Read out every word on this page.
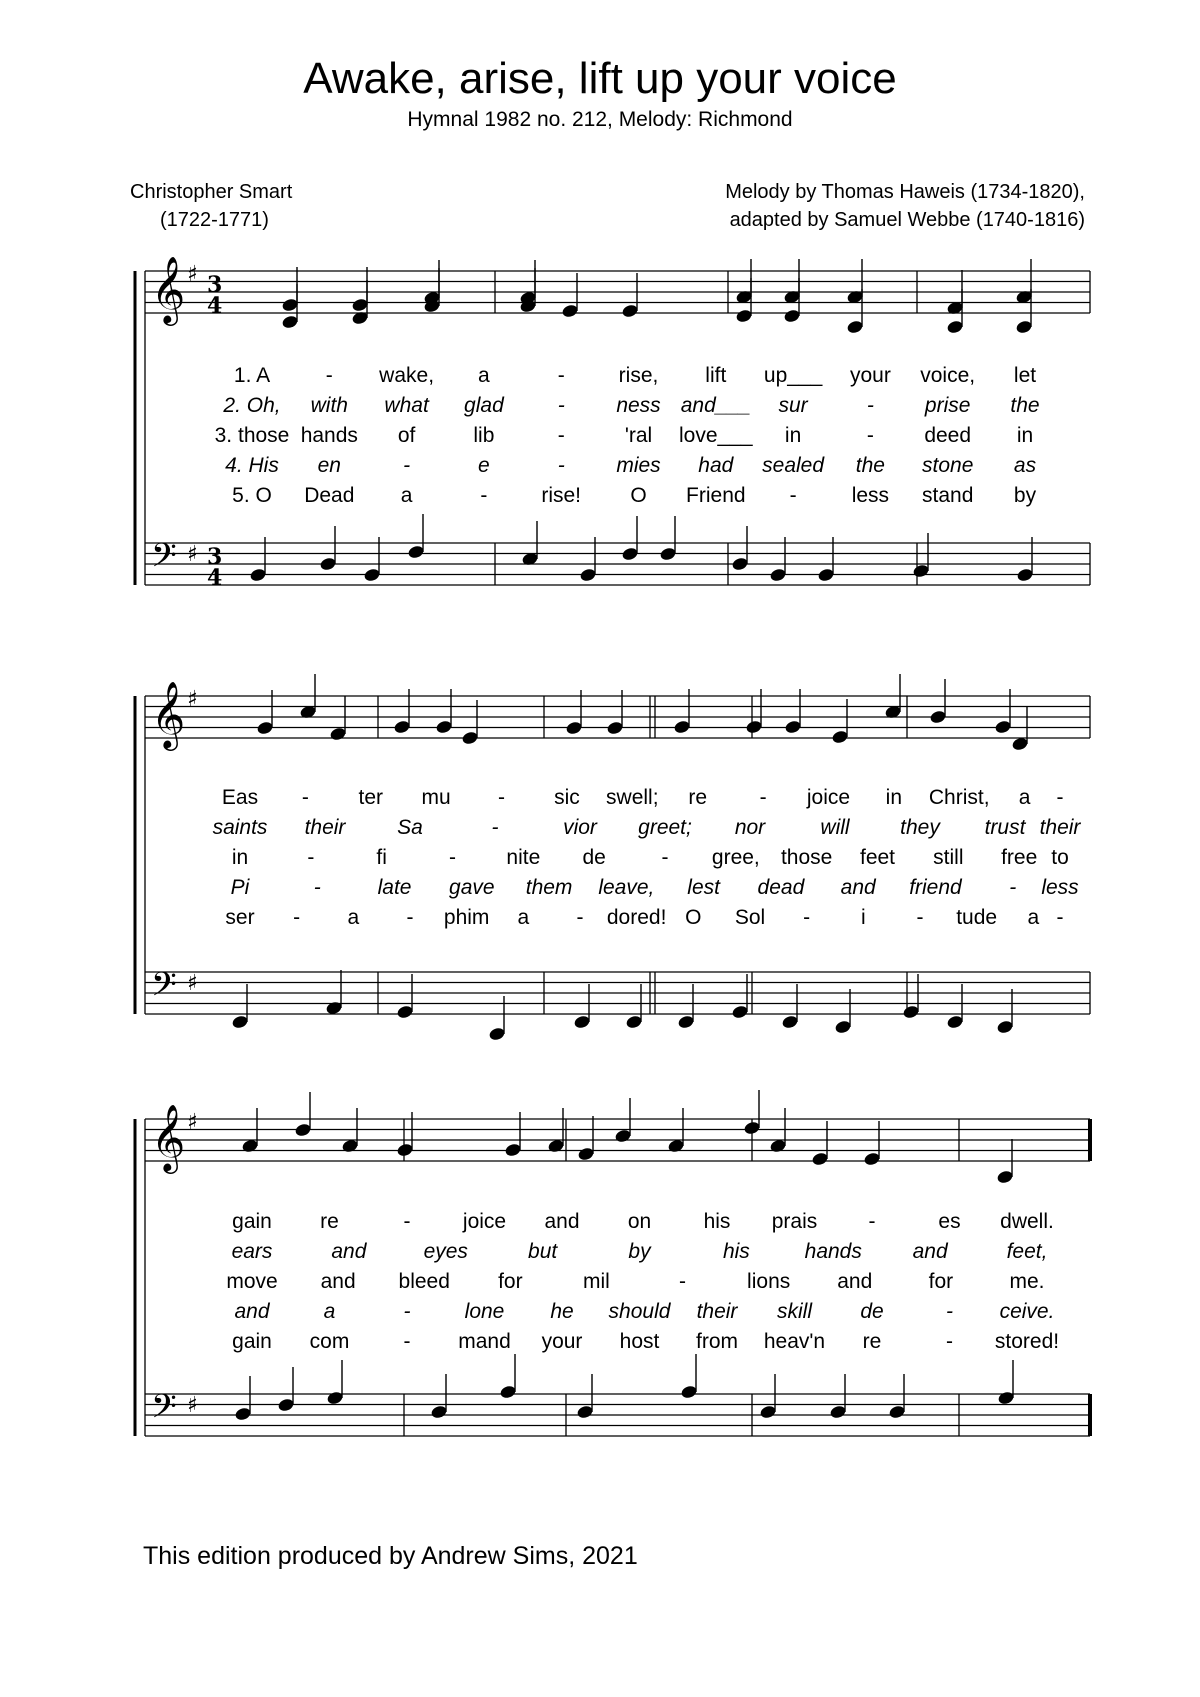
Awake, arise, lift up your voice
Hymnal 1982 no. 212, Melody: Richmond
Christopher Smart
(1722-1771)
Melody by Thomas Haweis (1734-1820),
adapted by Samuel Webbe (1740-1816)
𝄞 ♯ 3
4
𝄢 ♯ 3
4
𝄞 ♯
𝄢 ♯
𝄞 ♯
𝄢 ♯
1. A	- wake, a	-	rise, lift up___ your voice, let
2. Oh, with what glad	- ness and___ sur	- prise the
3. those hands of	lib	-	'ral love___ in	- deed in
4. His en	-	e	- mies had sealed the stone as
5. O Dead a	-	rise! O Friend -	less stand by
Eas - ter mu - sic swell; re	- joice in Christ, a -
saints their Sa	-	vior greet; nor	will they trust their
in	-	fi	- nite de	- gree, those feet still free to
Pi	-	late gave them leave, lest dead and friend - less
ser - a - phim a - dored! O Sol - i - tude a -
gain re	- joice and on his prais -	es dwell.
ears	and	eyes	but	by	his	hands and	feet,
move and bleed for	mil	-	lions and	for	me.
and	a	-	lone he should their skill de	- ceive.
gain com	- mand your host from heav'n re	- stored!
This edition produced by Andrew Sims, 2021
